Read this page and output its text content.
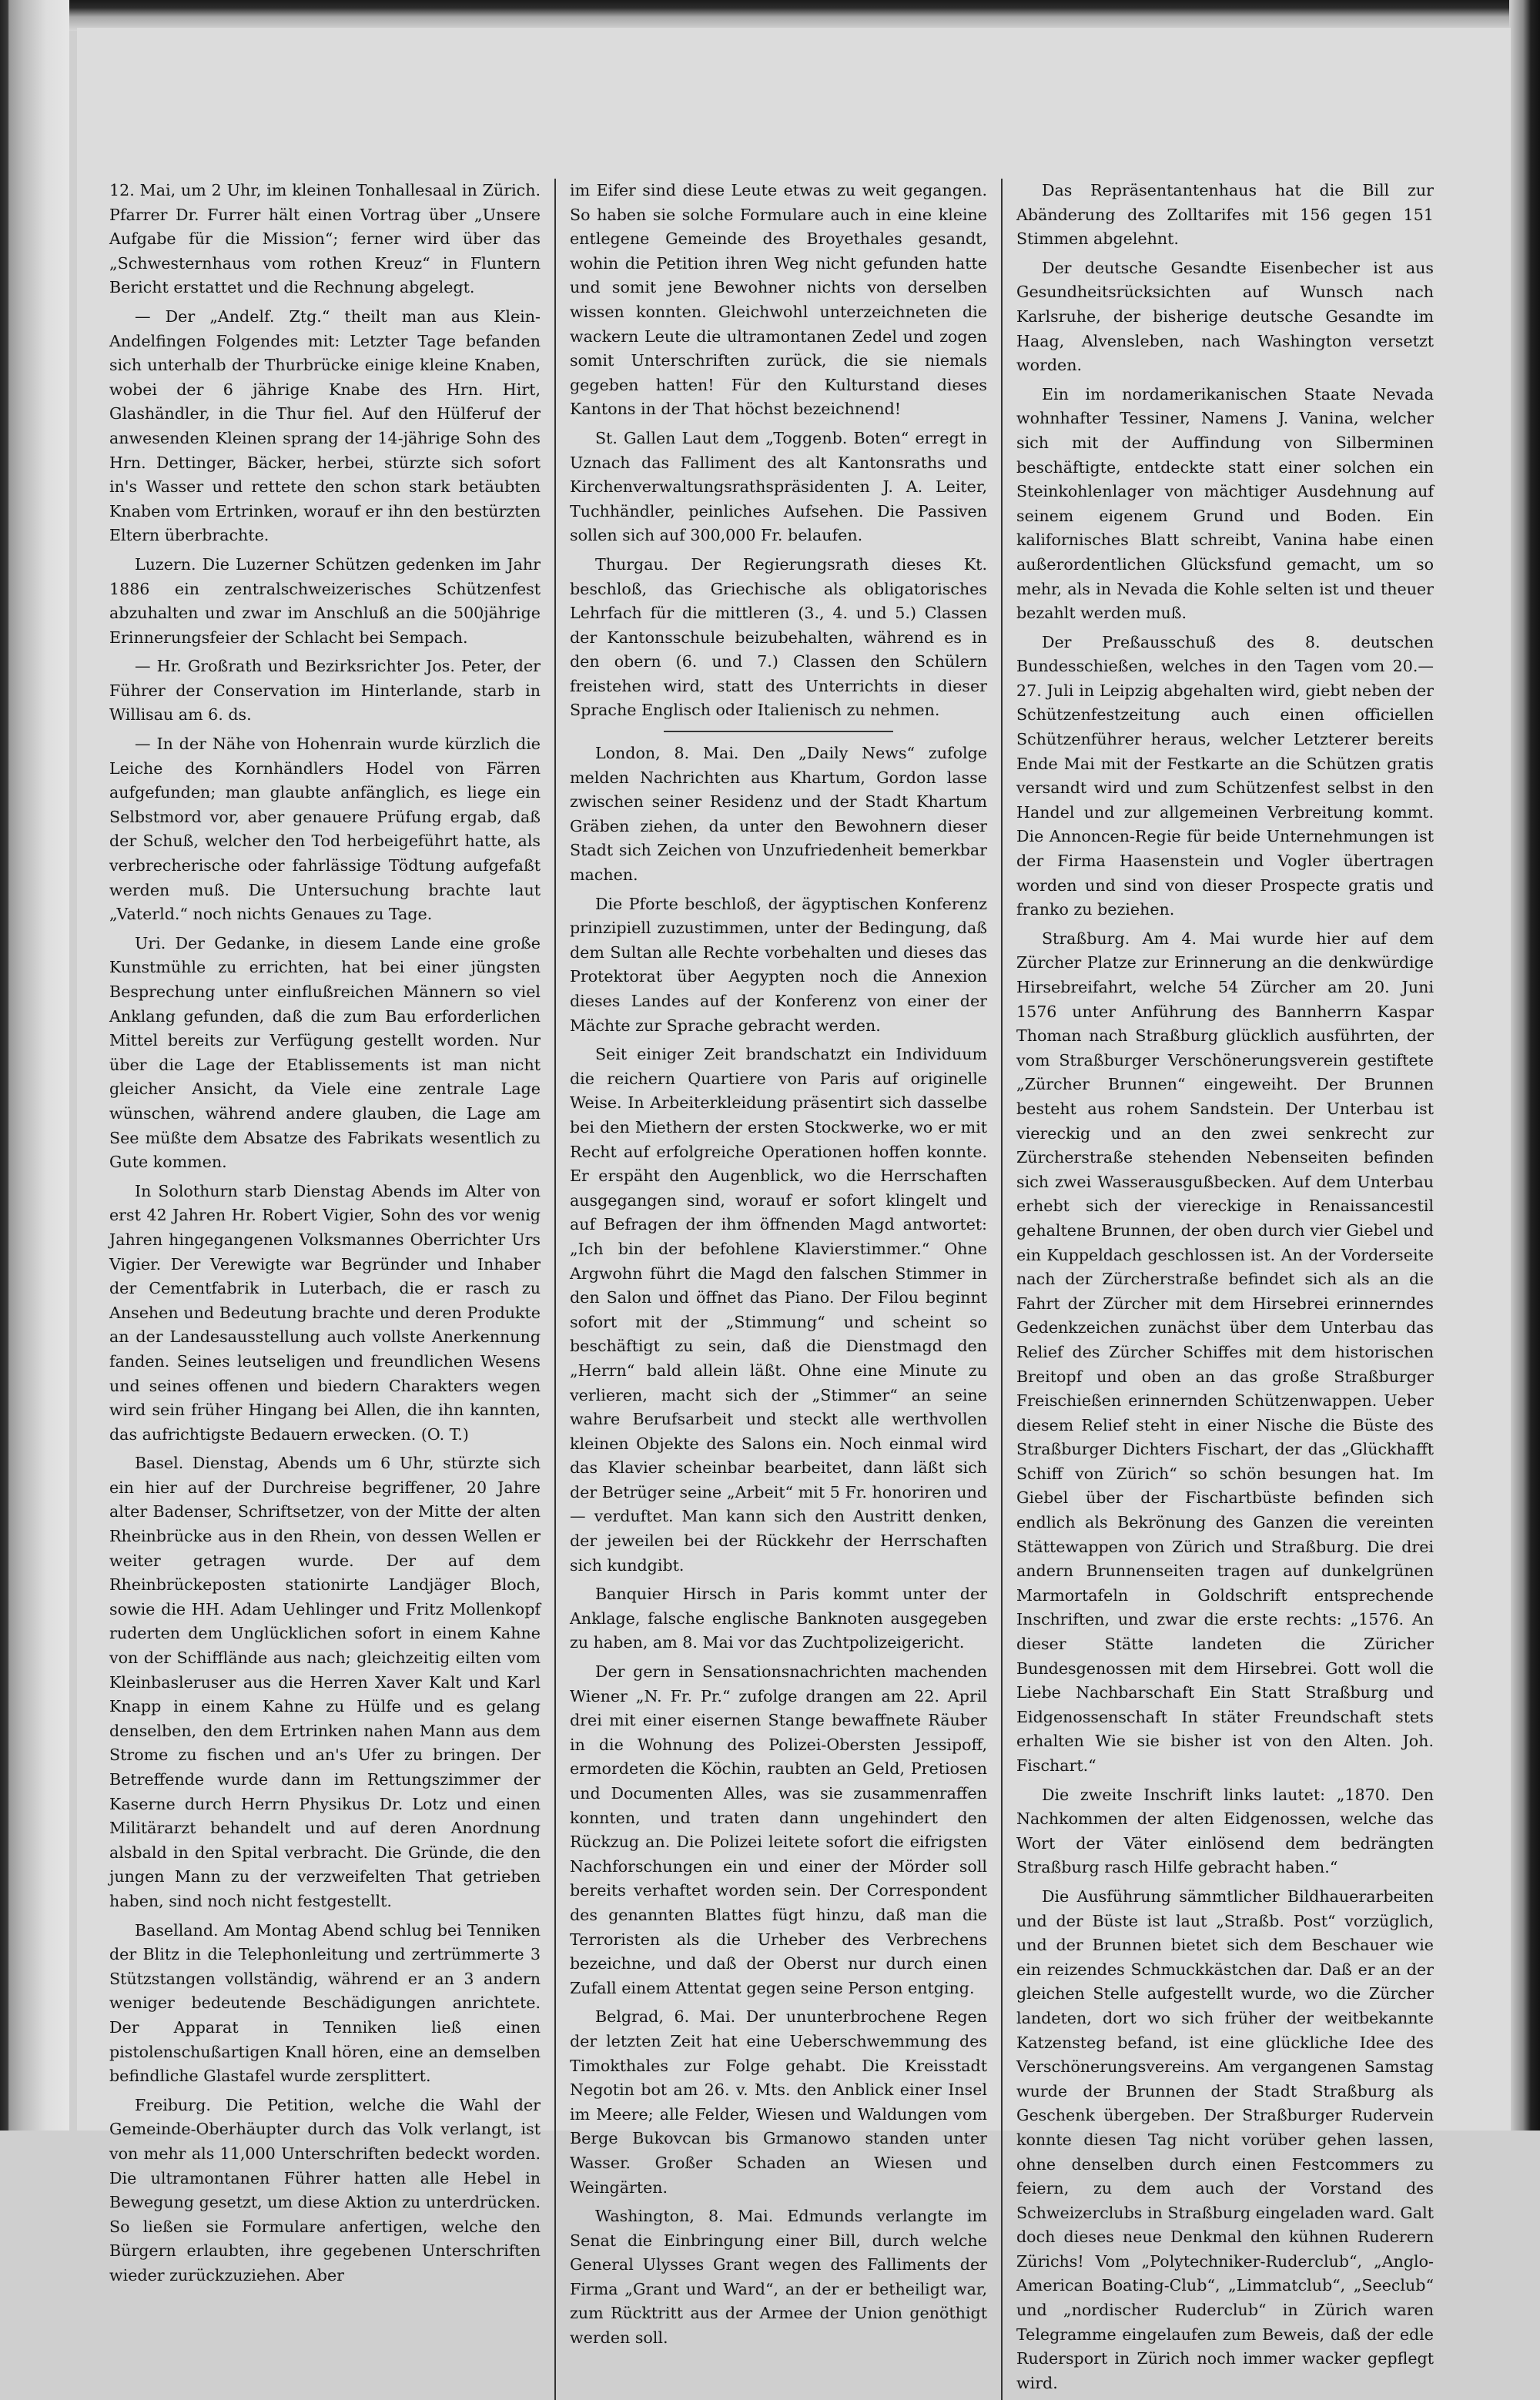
12. Mai, um 2 Uhr, im kleinen Tonhallesaal in Zürich. Pfarrer Dr. Furrer hält einen Vortrag über „Unsere Aufgabe für die Mission“; ferner wird über das „Schwesternhaus vom rothen Kreuz“ in Fluntern Bericht erstattet und die Rechnung abgelegt.

— Der „Andelf. Ztg.“ theilt man aus Klein-Andelfingen Folgendes mit: Letzter Tage befanden sich unterhalb der Thurbrücke einige kleine Knaben, wobei der 6 jährige Knabe des Hrn. Hirt, Glashändler, in die Thur fiel. Auf den Hülferuf der anwesenden Kleinen sprang der 14-jährige Sohn des Hrn. Dettinger, Bäcker, herbei, stürzte sich sofort in's Wasser und rettete den schon stark betäubten Knaben vom Ertrinken, worauf er ihn den bestürzten Eltern überbrachte.

Luzern. Die Luzerner Schützen gedenken im Jahr 1886 ein zentralschweizerisches Schützenfest abzuhalten und zwar im Anschluß an die 500jährige Erinnerungsfeier der Schlacht bei Sempach.

— Hr. Großrath und Bezirksrichter Jos. Peter, der Führer der Conservation im Hinterlande, starb in Willisau am 6. ds.

— In der Nähe von Hohenrain wurde kürzlich die Leiche des Kornhändlers Hodel von Färren aufgefunden; man glaubte anfänglich, es liege ein Selbstmord vor, aber genauere Prüfung ergab, daß der Schuß, welcher den Tod herbeigeführt hatte, als verbrecherische oder fahrlässige Tödtung aufgefaßt werden muß. Die Untersuchung brachte laut „Vaterld.“ noch nichts Genaues zu Tage.

Uri. Der Gedanke, in diesem Lande eine große Kunstmühle zu errichten, hat bei einer jüngsten Besprechung unter einflußreichen Männern so viel Anklang gefunden, daß die zum Bau erforderlichen Mittel bereits zur Verfügung gestellt worden. Nur über die Lage der Etablissements ist man nicht gleicher Ansicht, da Viele eine zentrale Lage wünschen, während andere glauben, die Lage am See müßte dem Absatze des Fabrikats wesentlich zu Gute kommen.

In Solothurn starb Dienstag Abends im Alter von erst 42 Jahren Hr. Robert Vigier, Sohn des vor wenig Jahren hingegangenen Volksmannes Oberrichter Urs Vigier. Der Verewigte war Begründer und Inhaber der Cementfabrik in Luterbach, die er rasch zu Ansehen und Bedeutung brachte und deren Produkte an der Landesausstellung auch vollste Anerkennung fanden. Seines leutseligen und freundlichen Wesens und seines offenen und biedern Charakters wegen wird sein früher Hingang bei Allen, die ihn kannten, das aufrichtigste Bedauern erwecken. (O. T.)

Basel. Dienstag, Abends um 6 Uhr, stürzte sich ein hier auf der Durchreise begriffener, 20 Jahre alter Badenser, Schriftsetzer, von der Mitte der alten Rheinbrücke aus in den Rhein, von dessen Wellen er weiter getragen wurde. Der auf dem Rheinbrückeposten stationirte Landjäger Bloch, sowie die HH. Adam Uehlinger und Fritz Mollenkopf ruderten dem Unglücklichen sofort in einem Kahne von der Schifflände aus nach; gleichzeitig eilten vom Kleinbasleruser aus die Herren Xaver Kalt und Karl Knapp in einem Kahne zu Hülfe und es gelang denselben, den dem Ertrinken nahen Mann aus dem Strome zu fischen und an's Ufer zu bringen. Der Betreffende wurde dann im Rettungszimmer der Kaserne durch Herrn Physikus Dr. Lotz und einen Militärarzt behandelt und auf deren Anordnung alsbald in den Spital verbracht. Die Gründe, die den jungen Mann zu der verzweifelten That getrieben haben, sind noch nicht festgestellt.

Baselland. Am Montag Abend schlug bei Tenniken der Blitz in die Telephonleitung und zertrümmerte 3 Stützstangen vollständig, während er an 3 andern weniger bedeutende Beschädigungen anrichtete. Der Apparat in Tenniken ließ einen pistolenschußartigen Knall hören, eine an demselben befindliche Glastafel wurde zersplittert.

Freiburg. Die Petition, welche die Wahl der Gemeinde-Oberhäupter durch das Volk verlangt, ist von mehr als 11,000 Unterschriften bedeckt worden. Die ultramontanen Führer hatten alle Hebel in Bewegung gesetzt, um diese Aktion zu unterdrücken. So ließen sie Formulare anfertigen, welche den Bürgern erlaubten, ihre gegebenen Unterschriften wieder zurückzuziehen. Aber

im Eifer sind diese Leute etwas zu weit gegangen. So haben sie solche Formulare auch in eine kleine entlegene Gemeinde des Broyethales gesandt, wohin die Petition ihren Weg nicht gefunden hatte und somit jene Bewohner nichts von derselben wissen konnten. Gleichwohl unterzeichneten die wackern Leute die ultramontanen Zedel und zogen somit Unterschriften zurück, die sie niemals gegeben hatten! Für den Kulturstand dieses Kantons in der That höchst bezeichnend!

St. Gallen Laut dem „Toggenb. Boten“ erregt in Uznach das Falliment des alt Kantonsraths und Kirchenverwaltungsrathspräsidenten J. A. Leiter, Tuchhändler, peinliches Aufsehen. Die Passiven sollen sich auf 300,000 Fr. belaufen.

Thurgau. Der Regierungsrath dieses Kt. beschloß, das Griechische als obligatorisches Lehrfach für die mittleren (3., 4. und 5.) Classen der Kantonsschule beizubehalten, während es in den obern (6. und 7.) Classen den Schülern freistehen wird, statt des Unterrichts in dieser Sprache Englisch oder Italienisch zu nehmen.

London, 8. Mai. Den „Daily News“ zufolge melden Nachrichten aus Khartum, Gordon lasse zwischen seiner Residenz und der Stadt Khartum Gräben ziehen, da unter den Bewohnern dieser Stadt sich Zeichen von Unzufriedenheit bemerkbar machen.

Die Pforte beschloß, der ägyptischen Konferenz prinzipiell zuzustimmen, unter der Bedingung, daß dem Sultan alle Rechte vorbehalten und dieses das Protektorat über Aegypten noch die Annexion dieses Landes auf der Konferenz von einer der Mächte zur Sprache gebracht werden.

Seit einiger Zeit brandschatzt ein Individuum die reichern Quartiere von Paris auf originelle Weise. In Arbeiterkleidung präsentirt sich dasselbe bei den Miethern der ersten Stockwerke, wo er mit Recht auf erfolgreiche Operationen hoffen konnte. Er erspäht den Augenblick, wo die Herrschaften ausgegangen sind, worauf er sofort klingelt und auf Befragen der ihm öffnenden Magd antwortet: „Ich bin der befohlene Klavierstimmer.“ Ohne Argwohn führt die Magd den falschen Stimmer in den Salon und öffnet das Piano. Der Filou beginnt sofort mit der „Stimmung“ und scheint so beschäftigt zu sein, daß die Dienstmagd den „Herrn“ bald allein läßt. Ohne eine Minute zu verlieren, macht sich der „Stimmer“ an seine wahre Berufsarbeit und steckt alle werthvollen kleinen Objekte des Salons ein. Noch einmal wird das Klavier scheinbar bearbeitet, dann läßt sich der Betrüger seine „Arbeit“ mit 5 Fr. honoriren und — verduftet. Man kann sich den Austritt denken, der jeweilen bei der Rückkehr der Herrschaften sich kundgibt.

Banquier Hirsch in Paris kommt unter der Anklage, falsche englische Banknoten ausgegeben zu haben, am 8. Mai vor das Zuchtpolizeigericht.

Der gern in Sensationsnachrichten machenden Wiener „N. Fr. Pr.“ zufolge drangen am 22. April drei mit einer eisernen Stange bewaffnete Räuber in die Wohnung des Polizei-Obersten Jessipoff, ermordeten die Köchin, raubten an Geld, Pretiosen und Documenten Alles, was sie zusammenraffen konnten, und traten dann ungehindert den Rückzug an. Die Polizei leitete sofort die eifrigsten Nachforschungen ein und einer der Mörder soll bereits verhaftet worden sein. Der Correspondent des genannten Blattes fügt hinzu, daß man die Terroristen als die Urheber des Verbrechens bezeichne, und daß der Oberst nur durch einen Zufall einem Attentat gegen seine Person entging.

Belgrad, 6. Mai. Der ununterbrochene Regen der letzten Zeit hat eine Ueberschwemmung des Timokthales zur Folge gehabt. Die Kreisstadt Negotin bot am 26. v. Mts. den Anblick einer Insel im Meere; alle Felder, Wiesen und Waldungen vom Berge Bukovcan bis Grmanowo standen unter Wasser. Großer Schaden an Wiesen und Weingärten.

Washington, 8. Mai. Edmunds verlangte im Senat die Einbringung einer Bill, durch welche General Ulysses Grant wegen des Falliments der Firma „Grant und Ward“, an der er betheiligt war, zum Rücktritt aus der Armee der Union genöthigt werden soll.

Das Repräsentantenhaus hat die Bill zur Abänderung des Zolltarifes mit 156 gegen 151 Stimmen abgelehnt.

Der deutsche Gesandte Eisenbecher ist aus Gesundheitsrücksichten auf Wunsch nach Karlsruhe, der bisherige deutsche Gesandte im Haag, Alvensleben, nach Washington versetzt worden.

Ein im nordamerikanischen Staate Nevada wohnhafter Tessiner, Namens J. Vanina, welcher sich mit der Auffindung von Silberminen beschäftigte, entdeckte statt einer solchen ein Steinkohlenlager von mächtiger Ausdehnung auf seinem eigenem Grund und Boden. Ein kalifornisches Blatt schreibt, Vanina habe einen außerordentlichen Glücksfund gemacht, um so mehr, als in Nevada die Kohle selten ist und theuer bezahlt werden muß.

Der Preßausschuß des 8. deutschen Bundesschießen, welches in den Tagen vom 20.—27. Juli in Leipzig abgehalten wird, giebt neben der Schützenfestzeitung auch einen officiellen Schützenführer heraus, welcher Letzterer bereits Ende Mai mit der Festkarte an die Schützen gratis versandt wird und zum Schützenfest selbst in den Handel und zur allgemeinen Verbreitung kommt. Die Annoncen-Regie für beide Unternehmungen ist der Firma Haasenstein und Vogler übertragen worden und sind von dieser Prospecte gratis und franko zu beziehen.

Straßburg. Am 4. Mai wurde hier auf dem Zürcher Platze zur Erinnerung an die denkwürdige Hirsebreifahrt, welche 54 Zürcher am 20. Juni 1576 unter Anführung des Bannherrn Kaspar Thoman nach Straßburg glücklich ausführten, der vom Straßburger Verschönerungsverein gestiftete „Zürcher Brunnen“ eingeweiht. Der Brunnen besteht aus rohem Sandstein. Der Unterbau ist viereckig und an den zwei senkrecht zur Zürcherstraße stehenden Nebenseiten befinden sich zwei Wasserausgußbecken. Auf dem Unterbau erhebt sich der viereckige in Renaissancestil gehaltene Brunnen, der oben durch vier Giebel und ein Kuppeldach geschlossen ist. An der Vorderseite nach der Zürcherstraße befindet sich als an die Fahrt der Zürcher mit dem Hirsebrei erinnerndes Gedenkzeichen zunächst über dem Unterbau das Relief des Zürcher Schiffes mit dem historischen Breitopf und oben an das große Straßburger Freischießen erinnernden Schützenwappen. Ueber diesem Relief steht in einer Nische die Büste des Straßburger Dichters Fischart, der das „Glückhafft Schiff von Zürich“ so schön besungen hat. Im Giebel über der Fischartbüste befinden sich endlich als Bekrönung des Ganzen die vereinten Stättewappen von Zürich und Straßburg. Die drei andern Brunnenseiten tragen auf dunkelgrünen Marmortafeln in Goldschrift entsprechende Inschriften, und zwar die erste rechts: „1576. An dieser Stätte landeten die Züricher Bundesgenossen mit dem Hirsebrei. Gott woll die Liebe Nachbarschaft Ein Statt Straßburg und Eidgenossenschaft In stäter Freundschaft stets erhalten Wie sie bisher ist von den Alten. Joh. Fischart.“

Die zweite Inschrift links lautet: „1870. Den Nachkommen der alten Eidgenossen, welche das Wort der Väter einlösend dem bedrängten Straßburg rasch Hilfe gebracht haben.“

Die Ausführung sämmtlicher Bildhauerarbeiten und der Büste ist laut „Straßb. Post“ vorzüglich, und der Brunnen bietet sich dem Beschauer wie ein reizendes Schmuckkästchen dar. Daß er an der gleichen Stelle aufgestellt wurde, wo die Zürcher landeten, dort wo sich früher der weitbekannte Katzensteg befand, ist eine glückliche Idee des Verschönerungsvereins. Am vergangenen Samstag wurde der Brunnen der Stadt Straßburg als Geschenk übergeben. Der Straßburger Rudervein konnte diesen Tag nicht vorüber gehen lassen, ohne denselben durch einen Festcommers zu feiern, zu dem auch der Vorstand des Schweizerclubs in Straßburg eingeladen ward. Galt doch dieses neue Denkmal den kühnen Ruderern Zürichs! Vom „Polytechniker-Ruderclub“, „Anglo-American Boating-Club“, „Limmatclub“, „Seeclub“ und „nordischer Ruderclub“ in Zürich waren Telegramme eingelaufen zum Beweis, daß der edle Rudersport in Zürich noch immer wacker gepflegt wird.
